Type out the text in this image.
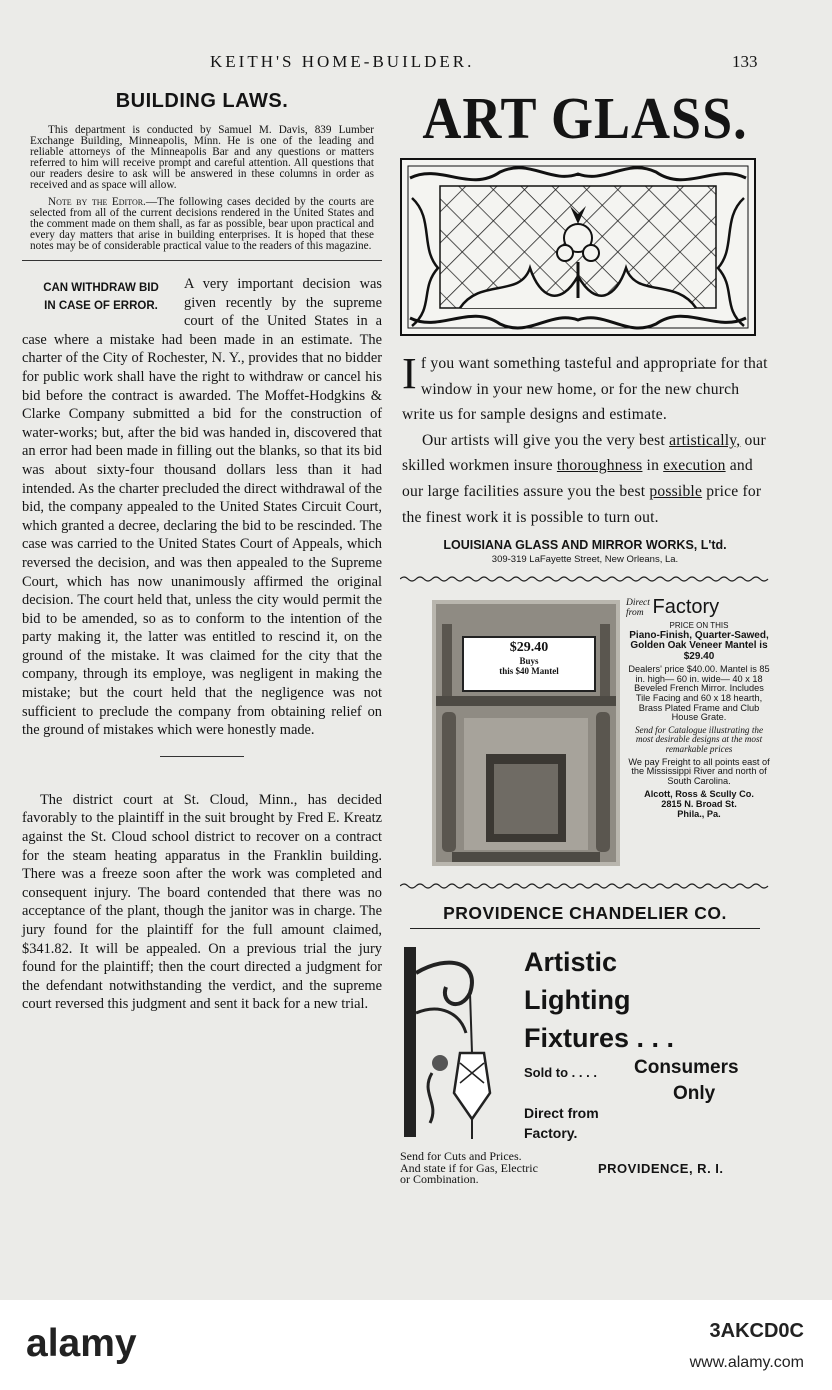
KEITH'S HOME-BUILDER.	133
BUILDING LAWS.

This department is conducted by Samuel M. Davis, 839 Lumber Exchange Building, Minneapolis, Minn. He is one of the leading and reliable attorneys of the Minneapolis Bar and any questions or matters referred to him will receive prompt and careful attention. All questions that our readers desire to ask will be answered in these columns in order as received and as space will allow.

Note by the Editor.—The following cases decided by the courts are selected from all of the current decisions rendered in the United States and the comment made on them shall, as far as possible, bear upon practical and every day matters that arise in building enterprises. It is hoped that these notes may be of considerable practical value to the readers of this magazine.

CAN WITHDRAW BID
IN CASE OF ERROR.
A very important decision was given recently by the supreme court of the United States in a case where a mistake had been made in an estimate. The charter of the City of Rochester, N. Y., provides that no bidder for public work shall have the right to withdraw or cancel his bid before the contract is awarded. The Moffet-Hodgkins & Clarke Company submitted a bid for the construction of water-works; but, after the bid was handed in, discovered that an error had been made in filling out the blanks, so that its bid was about sixty-four thousand dollars less than it had intended. As the charter precluded the direct withdrawal of the bid, the company appealed to the United States Circuit Court, which granted a decree, declaring the bid to be rescinded. The case was carried to the United States Court of Appeals, which reversed the decision, and was then appealed to the Supreme Court, which has now unanimously affirmed the original decision. The court held that, unless the city would permit the bid to be amended, so as to conform to the intention of the party making it, the latter was entitled to rescind it, on the ground of the mistake. It was claimed for the city that the company, through its employe, was negligent in making the mistake; but the court held that the negligence was not sufficient to preclude the company from obtaining relief on the ground of mistakes which were honestly made.

The district court at St. Cloud, Minn., has decided favorably to the plaintiff in the suit brought by Fred E. Kreatz against the St. Cloud school district to recover on a contract for the steam heating apparatus in the Franklin building. There was a freeze soon after the work was completed and consequent injury. The board contended that there was no acceptance of the plant, though the janitor was in charge. The jury found for the plaintiff for the full amount claimed, $341.82. It will be appealed. On a previous trial the jury found for the plaintiff; then the court directed a judgment for the defendant notwithstanding the verdict, and the supreme court reversed this judgment and sent it back for a new trial.

ART GLASS.

If you want something tasteful and appropriate for that window in your new home, or for the new church write us for sample designs and estimate.

Our artists will give you the very best artistically, our skilled workmen insure thoroughness in execution and our large facilities assure you the best possible price for the finest work it is possible to turn out.

LOUISIANA GLASS AND MIRROR WORKS, L'td.
309-319 LaFayette Street, New Orleans, La.
$29.40
Buys
this $40 Mantel
Direct
from Factory
PRICE ON THIS
Piano-Finish, Quarter-Sawed, Golden Oak Veneer Mantel is $29.40
Dealers' price $40.00. Mantel is 85 in. high— 60 in. wide— 40 x 18 Beveled French Mirror. Includes Tile Facing and 60 x 18 hearth, Brass Plated Frame and Club House Grate.
Send for Catalogue illustrating the most desirable designs at the most remarkable prices
We pay Freight to all points east of the Mississippi River and north of South Carolina.
Alcott, Ross & Scully Co.
2815 N. Broad St.
Phila., Pa.
PROVIDENCE CHANDELIER CO.
Artistic
Lighting
Fixtures . . .
Sold to . . . . Consumers
Only
Direct from
Factory.
Send for Cuts and Prices.
And state if for Gas, Electric
or Combination.
PROVIDENCE, R. I.
alamy	3AKCD0C
www.alamy.com
